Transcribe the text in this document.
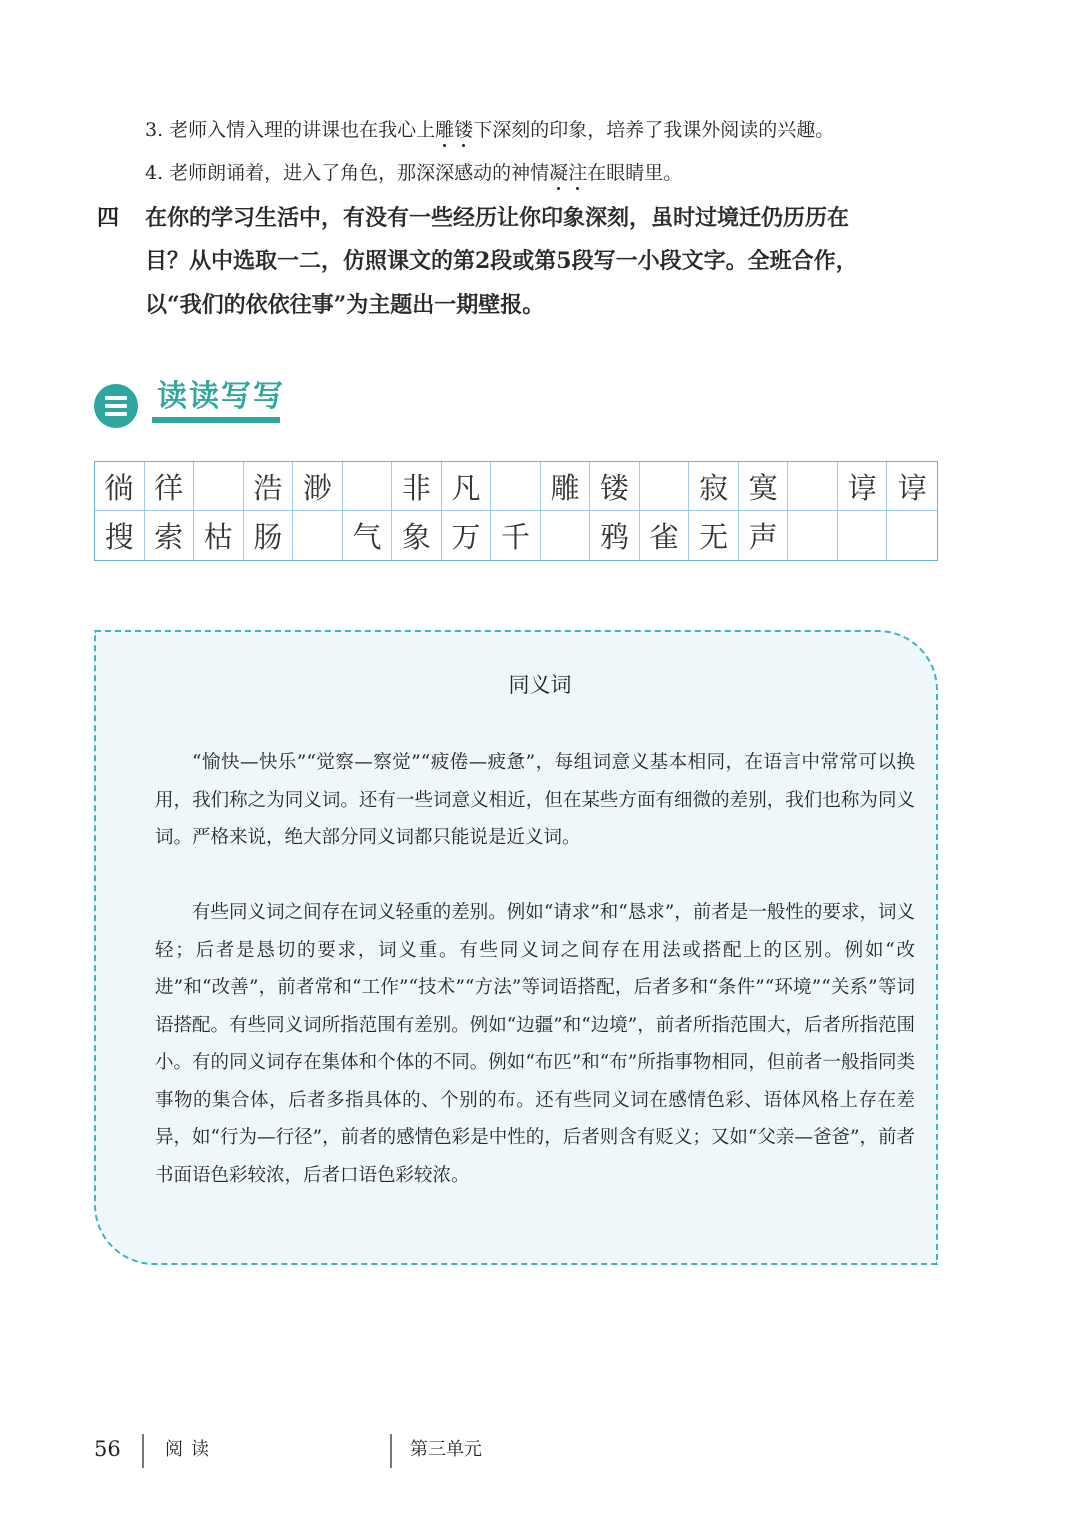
3. 老师入情入理的讲课也在我心上雕镂下深刻的印象，培养了我课外阅读的兴趣。
4. 老师朗诵着，进入了角色，那深深感动的神情凝注在眼睛里。
四 在你的学习生活中，有没有一些经历让你印象深刻，虽时过境迁仍历历在
目？从中选取一二，仿照课文的第2段或第5段写一小段文字。全班合作，
以“我们的依依往事”为主题出一期壁报。
读读写写
徜 徉	浩 渺	非 凡	雕 镂	寂 寞	谆 谆
搜 索 枯 肠	气 象 万 千	鸦 雀 无 声
同义词

“愉快—快乐”“觉察—察觉”“疲倦—疲惫”，每组词意义基本相同，在语言中常常可以换用，我们称之为同义词。还有一些词意义相近，但在某些方面有细微的差别，我们也称为同义词。严格来说，绝大部分同义词都只能说是近义词。

有些同义词之间存在词义轻重的差别。例如“请求”和“恳求”，前者是一般性的要求，词义轻；后者是恳切的要求，词义重。有些同义词之间存在用法或搭配上的区别。例如“改进”和“改善”，前者常和“工作”“技术”“方法”等词语搭配，后者多和“条件”“环境”“关系”等词语搭配。有些同义词所指范围有差别。例如“边疆”和“边境”，前者所指范围大，后者所指范围小。有的同义词存在集体和个体的不同。例如“布匹”和“布”所指事物相同，但前者一般指同类事物的集合体，后者多指具体的、个别的布。还有些同义词在感情色彩、语体风格上存在差异，如“行为—行径”，前者的感情色彩是中性的，后者则含有贬义；又如“父亲—爸爸”，前者书面语色彩较浓，后者口语色彩较浓。

56 阅读	第三单元
